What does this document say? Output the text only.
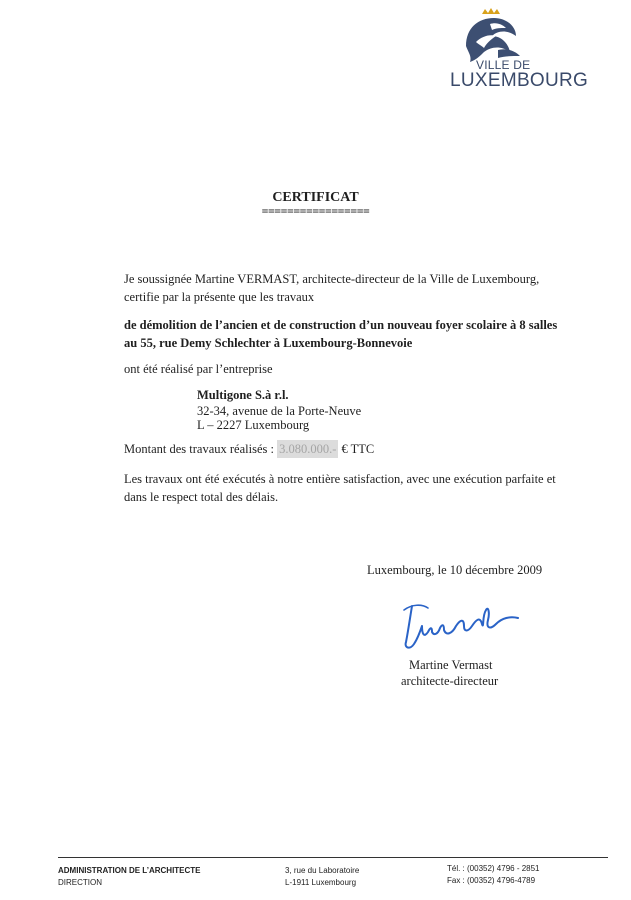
VILLE DE
LUXEMBOURG
CERTIFICAT
=================
Je soussignée Martine VERMAST, architecte-directeur de la Ville de Luxembourg,
certifie par la présente que les travaux
de démolition de l’ancien et de construction d’un nouveau foyer scolaire à 8 salles
au 55, rue Demy Schlechter à Luxembourg-Bonnevoie
ont été réalisé par l’entreprise
Multigone S.à r.l.
32-34, avenue de la Porte-Neuve
L – 2227 Luxembourg
Montant des travaux réalisés : 3.080.000.- € TTC
Les travaux ont été exécutés à notre entière satisfaction, avec une exécution parfaite et
dans le respect total des délais.
Luxembourg, le 10 décembre 2009
Martine Vermast
architecte-directeur
ADMINISTRATION DE L’ARCHITECTE
DIRECTION
3, rue du Laboratoire
L-1911 Luxembourg
Tél. : (00352) 4796 - 2851
Fax : (00352) 4796-4789
